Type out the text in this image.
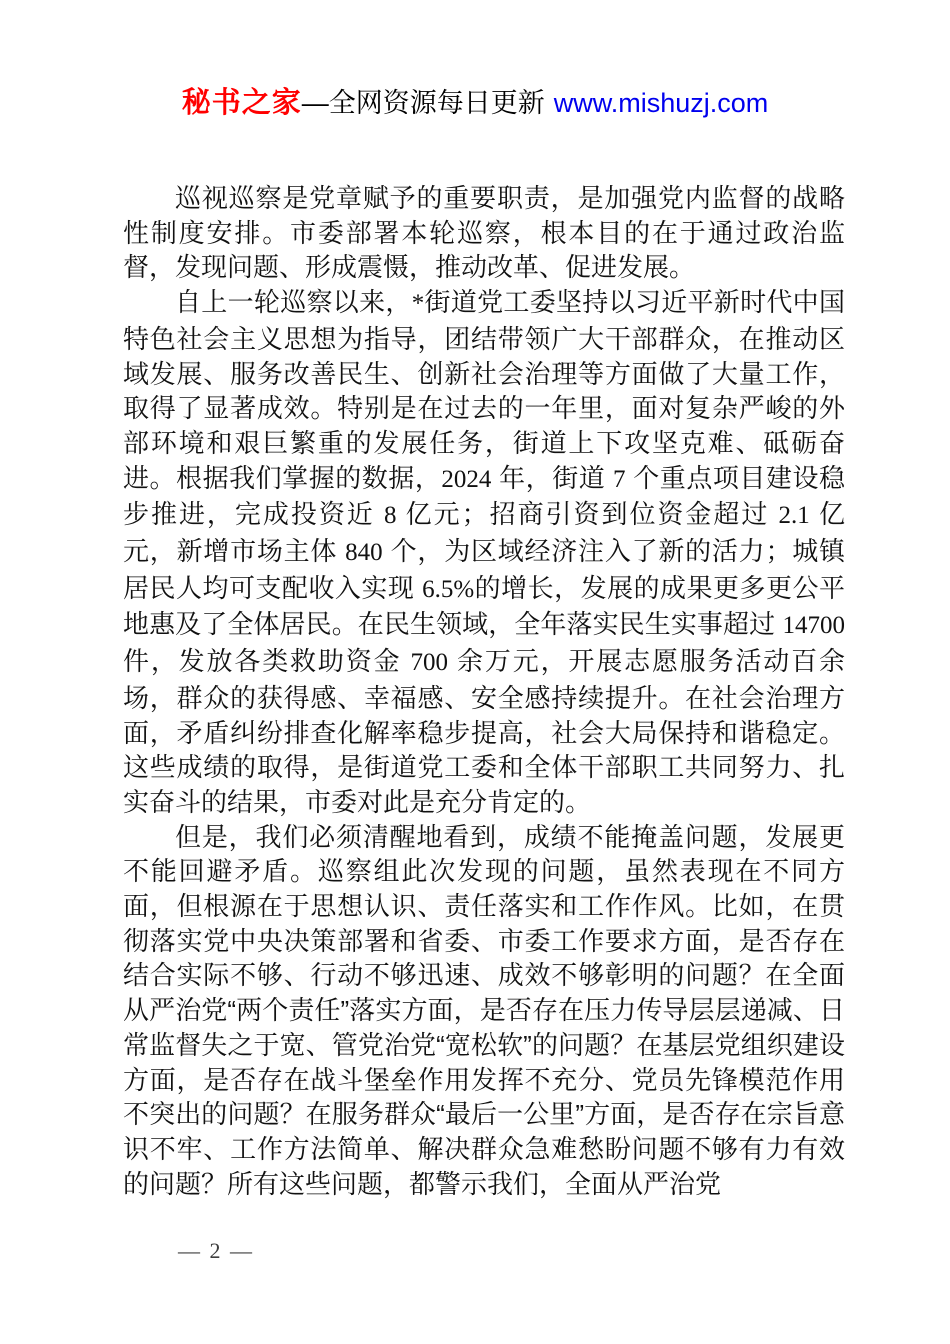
秘书之家—全网资源每日更新 www.mishuzj.com

巡视巡察是党章赋予的重要职责，是加强党内监督的战略性制度安排。市委部署本轮巡察，根本目的在于通过政治监督，发现问题、形成震慑，推动改革、促进发展。

自上一轮巡察以来，*街道党工委坚持以习近平新时代中国特色社会主义思想为指导，团结带领广大干部群众，在推动区域发展、服务改善民生、创新社会治理等方面做了大量工作，取得了显著成效。特别是在过去的一年里，面对复杂严峻的外部环境和艰巨繁重的发展任务，街道上下攻坚克难、砥砺奋进。根据我们掌握的数据，2024 年，街道 7 个重点项目建设稳步推进，完成投资近 8 亿元；招商引资到位资金超过 2.1 亿元，新增市场主体 840 个，为区域经济注入了新的活力；城镇居民人均可支配收入实现 6.5%的增长，发展的成果更多更公平地惠及了全体居民。在民生领域，全年落实民生实事超过 14700 件，发放各类救助资金 700 余万元，开展志愿服务活动百余场，群众的获得感、幸福感、安全感持续提升。在社会治理方面，矛盾纠纷排查化解率稳步提高，社会大局保持和谐稳定。这些成绩的取得，是街道党工委和全体干部职工共同努力、扎实奋斗的结果，市委对此是充分肯定的。

但是，我们必须清醒地看到，成绩不能掩盖问题，发展更不能回避矛盾。巡察组此次发现的问题，虽然表现在不同方面，但根源在于思想认识、责任落实和工作作风。比如，在贯彻落实党中央决策部署和省委、市委工作要求方面，是否存在结合实际不够、行动不够迅速、成效不够彰明的问题？在全面从严治党“两个责任”落实方面，是否存在压力传导层层递减、日常监督失之于宽、管党治党“宽松软”的问题？在基层党组织建设方面，是否存在战斗堡垒作用发挥不充分、党员先锋模范作用不突出的问题？在服务群众“最后一公里”方面，是否存在宗旨意识不牢、工作方法简单、解决群众急难愁盼问题不够有力有效的问题？所有这些问题，都警示我们，全面从严治党

— 2 —
